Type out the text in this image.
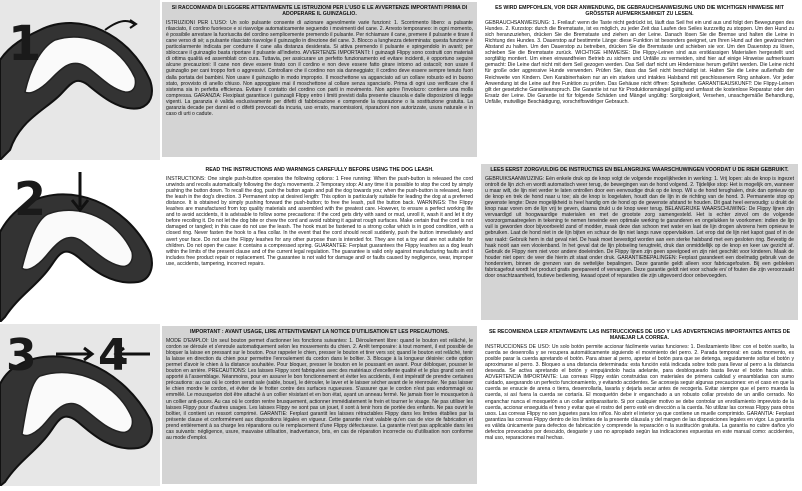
1
2
3 4
SI RACCOMANDA DI LEGGERE ATTENTAMENTE LE ISTRUZIONI PER L'USO E LE AVVERTENZE IMPORTANTI PRIMA DI ADOPERARE IL GUINZAGLIO.

ISTRUZIONI PER L'USO: Un solo pulsante consente di azionare agevolmente varie funzioni: 1. Scorrimento libero: a pulsante rilasciato, il cordino fuoriesce e si riavvolge automaticamente seguendo i movimenti del cane. 2. Arresto temporaneo: in ogni momento, è possibile arrestare la fuoriuscita del cordino semplicemente premendo il pulsante. Per richiamare il cane, premere il pulsante e tirare il cane verso di sé; a pulsante rilasciato riavvolge il guinzaglio in direzione del cane. 3. Blocco a lunghezza determinata: questa funzione è particolarmente indicata per condurre il cane alla distanza desiderata. Si attiva premendo il pulsante e spingendolo in avanti; per sbloccare il guinzaglio basta riportare il pulsante all'indietro. AVVERTENZE IMPORTANTI: I guinzagli Flippy sono costruiti con materiali di ottima qualità ed assemblati con cura. Tuttavia, per assicurare un perfetto funzionamento ed evitare incidenti, è opportuno seguire alcune precauzioni: Il cane non deve essere tirato con il cordino e non deve essere fatto girare intorno ad ostacoli; non usare il guinzaglio per cani troppo forti o aggressivi. Controllare che il cordino non sia danneggiato; il cordino deve essere sempre tenuto fuori dalla portata dei bambini. Non usare il guinzaglio in modo improprio. Il moschettone va agganciato ad un collare robusto ed in buono stato, provvisto di anello chiuso. Non appoggiare mai il moschettone al collare senza sganciarlo. Prima di ogni uso verificare che il sistema sia in perfetta efficienza. Evitare il contatto del cordino con parti in movimento. Non aprire l'involucro: contiene una molla compressa. GARANZIA: Flexiplast garantisce i guinzagli Flippy entro i limiti previsti dalla presente clausola e dalle disposizioni di legge vigenti. La garanzia è valida esclusivamente per difetti di fabbricazione e comprende la riparazione o la sostituzione gratuita. La garanzia decade per danni ed o difetti provocati da incuria, uso errato, manomissioni, riparazioni non autorizzate, usura naturale e in caso di urti o cadute.

ES WIRD EMPFOHLEN, VOR DER ANWENDUNG, DIE GEBRAUCHSANWEISUNG UND DIE WICHTIGEN HINWEISE MIT GRÖSSTER AUFMERKSAMKEIT ZU LESEN.

GEBRAUCHSANWEISUNG: 1. Freilauf: wenn die Taste nicht gedrückt ist, läuft das Seil frei ein und aus und folgt den Bewegungen des Hundes. 2. Kurzstop: durch die Bremstaste, ist es möglich, zu jeder Zeit das Laufen des Seiles kurzzeitig zu stoppen. Um den Hund zu sich heranzuziehen, drücken Sie die Bremstaste und ziehen an der Leine. Danach lösen Sie die Bremse und halten die Leine in Richtung des Hundes. 3. Dauerstop auf bestimmte Länge: diese Funktion ist besonders geeignet, um Ihren Hund auf den gewünschten Abstand zu halten. Um den Dauerstop zu betreiben, drücken Sie die Bremstaste und schieben sie vor. Um den Dauerstop zu lösen, schieben Sie die Bremstaste zurück. WICHTIGE HINWEISE: Die Flippy-Leinen sind aus erstklassigen Materialien hergestellt und sorgfältig montiert. Um einen einwandfreien Betrieb zu sichern und Unfälle zu vermeiden, sind hier auf einige Hinweise aufmerksam gemacht: Die Leine darf nicht mit dem Seil gezogen werden. Das Seil darf nicht um Hindernisse herum geführt werden. Die Leine nicht für große oder aggressive Hunde verwenden. Prüfen Sie, dass das Seil nicht beschädigt ist. Halten Sie die Leine außerhalb der Reichweite von Kindern. Den Karabinerhaken nur an ein starkes und intaktes Halsband mit geschlossenem Ring anhaken. Vor jeder Anwendung ist die Leine auf ihre Funktion zu prüfen. Das Gehäuse nicht öffnen: Spiralfeder. GARANTIEAUSKUNFT: Die Flippy-Leinen gilt der gesetzliche Garantieanspruch. Die Garantie ist nur für Produktionsmängel gültig und umfasst die kostenlose Reparatur oder den Ersatz der Leine. Die Garantie ist für folgende Schäden und Mängel ungültig: Sorglosigkeit, Versehen, unsachgemäße Behandlung, Unfälle, mutwillige Beschädigung, vorschriftswidriger Gebrauch.

READ THE INSTRUCTIONS AND WARNINGS CAREFULLY BEFORE USING THE DOG LEASH.

INSTRUCTIONS: One single push-button operates the following options: 1 Free running: When the push-button is released the cord unwinds and recoils automatically following the dog's movements. 2 Temporary stop: At any time it is possible to stop the cord by simply pushing the button down. To recall the dog, push the button again and pull the dog towards you; when the push-button is released, keep the leash in the dog's direction. 3 Permanent stop at desired length: This option is particularly suitable for leading the dog at a preferred distance. It is obtained by simply pushing forward the push-button; to free the leash, pull the button back. WARNINGS: The Flippy leashes are manufactured from top quality materials and assembled with the greatest care. However, to ensure a perfect working life and to avoid accidents, it is advisable to follow some precautions: if the cord gets dirty with sand or mud, unroll it, wash it and let it dry before recoiling it. Do not let the dog bite or chew the cord and avoid rubbing it against rough surfaces. Make certain that the cord is not damaged or tangled; in this case do not use the leash. The hook must be fastened to a strong collar which is in good condition, with a closed ring. Never fasten the hook to a flea collar. In the event that the cord should recoil suddenly, push the button immediately and avert your face. Do not use the Flippy leashes for any other purpose than is intended for. They are not a toy and are not suitable for children. Do not open the case: it contains a compressed spring. GUARANTEE: Ferplast guarantees the Flippy leashes as a dog leash within the limits of the present clause and of the current legal regulation. The guarantee is valid only against manufacturing faults and it includes free product repair or replacement. The guarantee is not valid for damage and/ or faults caused by negligence, wear, improper use, accidents, tampering, incorrect repairs.

LEES EERST ZORGVULDIG DE INSTRUCTIES EN BELANGRIJKE WAARSCHUWINGEN VOORDAT U DE RIEM GEBRUIKT.

GEBRUIKSAANWIJZING: Eén enkele druk op de knop volgt de volgende mogelijkheden in werking: 1. Vrij lopen: als de knop is ingezet ontrolt de lijn zich en wordt automatisch weer terug, de bewegingen van de hond volgend. 2. Tijdelijke stop: Het is mogelijk om, wanneer u maar wilt, de lijn niet verder te laten ontrollen door een eenvoudige druk op de knop. Wil u de hond terughalen, druk dan opnieuw op de knop en trek de hond naar u toe; als de knop is losgelaten, houdt dan de lijn in de richting van de hond. 3. Permanente stop op gewenste lengte: Deze mogelijkheid is heel handig om de hond op de gewenste afstand te houden. Dit gaat heel eenvoudig: u drukt de knop naar voren om de lijn vrij te geven, daarna drukt u de knop weer terug. BELANGRIJKE WAARSCHUWING: De Flippy lijnen zijn vervaardigd uit hoogwaardige materialen en met de grootste zorg samengesteld. Het is echter zinvol om de volgende voorzorgsmaatregelen in tekening te nemen teneinde een optimale werking te garanderen en ongelukken te voorkomen: indien de lijn vuil is geworden door bijvoorbeeld zand of modder, maak deze dan schoon met water en laat de lijn drogen alvorens hem opnieuw te gebruiken. Laat de hond niet in de lijn bijten en schuur de lijn niet langs ruwe oppervlakken. Let erop dat de lijn niet kapot gaat of in de war raakt: Gebruik hem in dat geval niet. De haak moet bevestigd worden aan een sterke halsband met een gesloten ring. Bevestig de haak nooit aan een vlooienband. In het geval dat de lijn plotseling terugtrekt, druk dan onmiddellijk op de knop en keer uw gezicht af. Gebruik de Flippy riem niet voor andere doeleinden. De Flippy lijnen zijn geen speelgoed en zijn niet geschikt voor kinderen. Maak de houder niet open: de veer die hierin zit staat onder druk. GARANTIEBEPALINGEN: Ferplast garandeert een doelmatig gebruik van de hondenriem, binnen de grenzen van de wettelijke bepalingen. Deze garantie geldt alleen voor fabricagefouten. Bij een gebleken fabricagefout wordt het product gratis gerepareerd of vervangen. Deze garantie geldt niet voor schade en/ of fouten die zijn veroorzaakt door onachtzaamheid, foutieve bediening, kwaad opzet of reparaties die zijn uitgevoerd door onbevoegden.

IMPORTANT : AVANT USAGE, LIRE ATTENTIVEMENT LA NOTICE D'UTILISATION ET LES PRECAUTIONS.

MODE D'EMPLOI: Un seul bouton permet d'actionner les fonctions suivantes: 1. Déroulement libre: quand le bouton est relâché, le cordon se déroule et s'enroule automatiquement selon les mouvements du chien. 2. Arrêt temporaire: à tout moment, il est possible de bloquer la laisse en pressant sur le bouton. Pour rappeler le chien, presser le bouton et tirer vers soi; quand le bouton est relâché, tenir la laisse en direction du chien pour permettre l'enroulement du cordon dans le boîtier. 3. Blocage à la longueur désirée: cette option permet d'avoir le chien à la distance souhaitée. Pour bloquer, presser le bouton en le poussant en avant. Pour débloquer, pousser le bouton en arrière. PRECAUTIONS: Les laisses Flippy sont fabriquées avec des matériaux d'excellente qualité et le plus grand soin est apporté à l'assemblage. Néanmoins, pour en assurer le bon fonctionnement et éviter les accidents, il est impératif de prendre certaines précautions: au cas où le cordon serait sale (sable, boue), le dérouler, le laver et le laisser sécher avant de le réenrouler. Ne pas laisser le chien mordre le cordon, et éviter de le frotter contre des surfaces rugueuses. S'assurer que le cordon n'est pas endommagé ou emmêlé. Le mousqueton doit être attaché à un collier résistant et en bon état, ayant un anneau fermé. Ne jamais fixer le mousqueton à un collier anti-puces. Au cas où le cordon rentre brusquement, actionner immédiatement le frein et tourner le visage. Ne pas utiliser les laisses Flippy pour d'autres usages. Les laisses Flippy ne sont pas un jouet, il sont à tenir hors de portée des enfants. Ne pas ouvrir le boîtier, il contient un ressort comprimé. GARANTIE: Ferplast garantit les laisses rétractables Flippy dans les limites établies par la présente clause et conformément aux dispositions légales en vigueur. Cette garantie n'est valable qu'en cas de vice de fabrication et prend entièrement à sa charge les réparations ou le remplacement d'une Flippy défectueuse. La garantie n'est pas applicable dans les cas suivants: négligence, usure, mauvaise utilisation, inadvertance, bris, en cas de réparation incorrecte ou d'utilisation non conforme au mode d'emploi.

SE RECOMIENDA LEER ATENTAMENTE LAS INSTRUCCIONES DE USO Y LAS ADVERTENCIAS IMPORTANTES ANTES DE MANEJAR LA CORREA.

INSTRUCCIONES DE USO: Un solo botón permite accionar fácilmente varias funciones: 1. Deslizamiento libre: con el botón suelto, la cuerda se desenrolla y se recupera automáticamente siguiendo el movimiento del perro. 2. Parada temporal: en cada momento, es posible parar la cuerda apretando el botón. Para atraer al perro, apretar el botón para que se detenga, seguidamente soltar el botón y aproximarse al perro. 3. Bloqueo a una distancia determinada: esta función está indicada sobre todo para llevar al perro a la distancia deseada. Se activa apretando el botón y empujándolo hacia adelante, para desbloquearlo basta llevar el botón hacia atrás. ADVERTENCIA IMPORTANTE: Las correas Flippy están construidas con materiales de primera calidad y ensambladas con sumo cuidado, asegurando un perfecto funcionamiento, y evitando accidentes. Se aconseja seguir algunas precauciones: en el caso en que la cuerda se ensucie de arena o tierra, desenrollarla, lavarla y dejarla secar antes de recogerla. Evitar siempre que el perro muerda la cuerda, si así fuera la cuerda se cortaría. El mosquetón debe ir enganchado a un robusto collar provisto de un anillo cerrado. No enganchar nunca el mosquetón a un collar antiparasitario. Si por cualquier motivo se debe controlar un enrollamiento imprevisto de la cuerda, accionar enseguida el freno y evitar que el rostro del perro esté en dirección a la cuerda. No utilizar las correas Flippy para otros usos. Las correas Flippy no son juguetes para los niños. No abrir el interior ya que contiene un muelle comprimido. GARANTIA: Ferplast garantiza las correas Flippy dentro de los límites de la presente cláusula y del margen de las disposiciones legales en vigor. La garantía es válida únicamente para defectos de fabricación y comprende la reparación o la sustitución gratuita. La garantía no cubre daños y/o defectos provocados por descuido, desgaste y uso no apropiado según las indicaciones expuestas en este manual como: accidentes, mal uso, reparaciones mal hechas.
